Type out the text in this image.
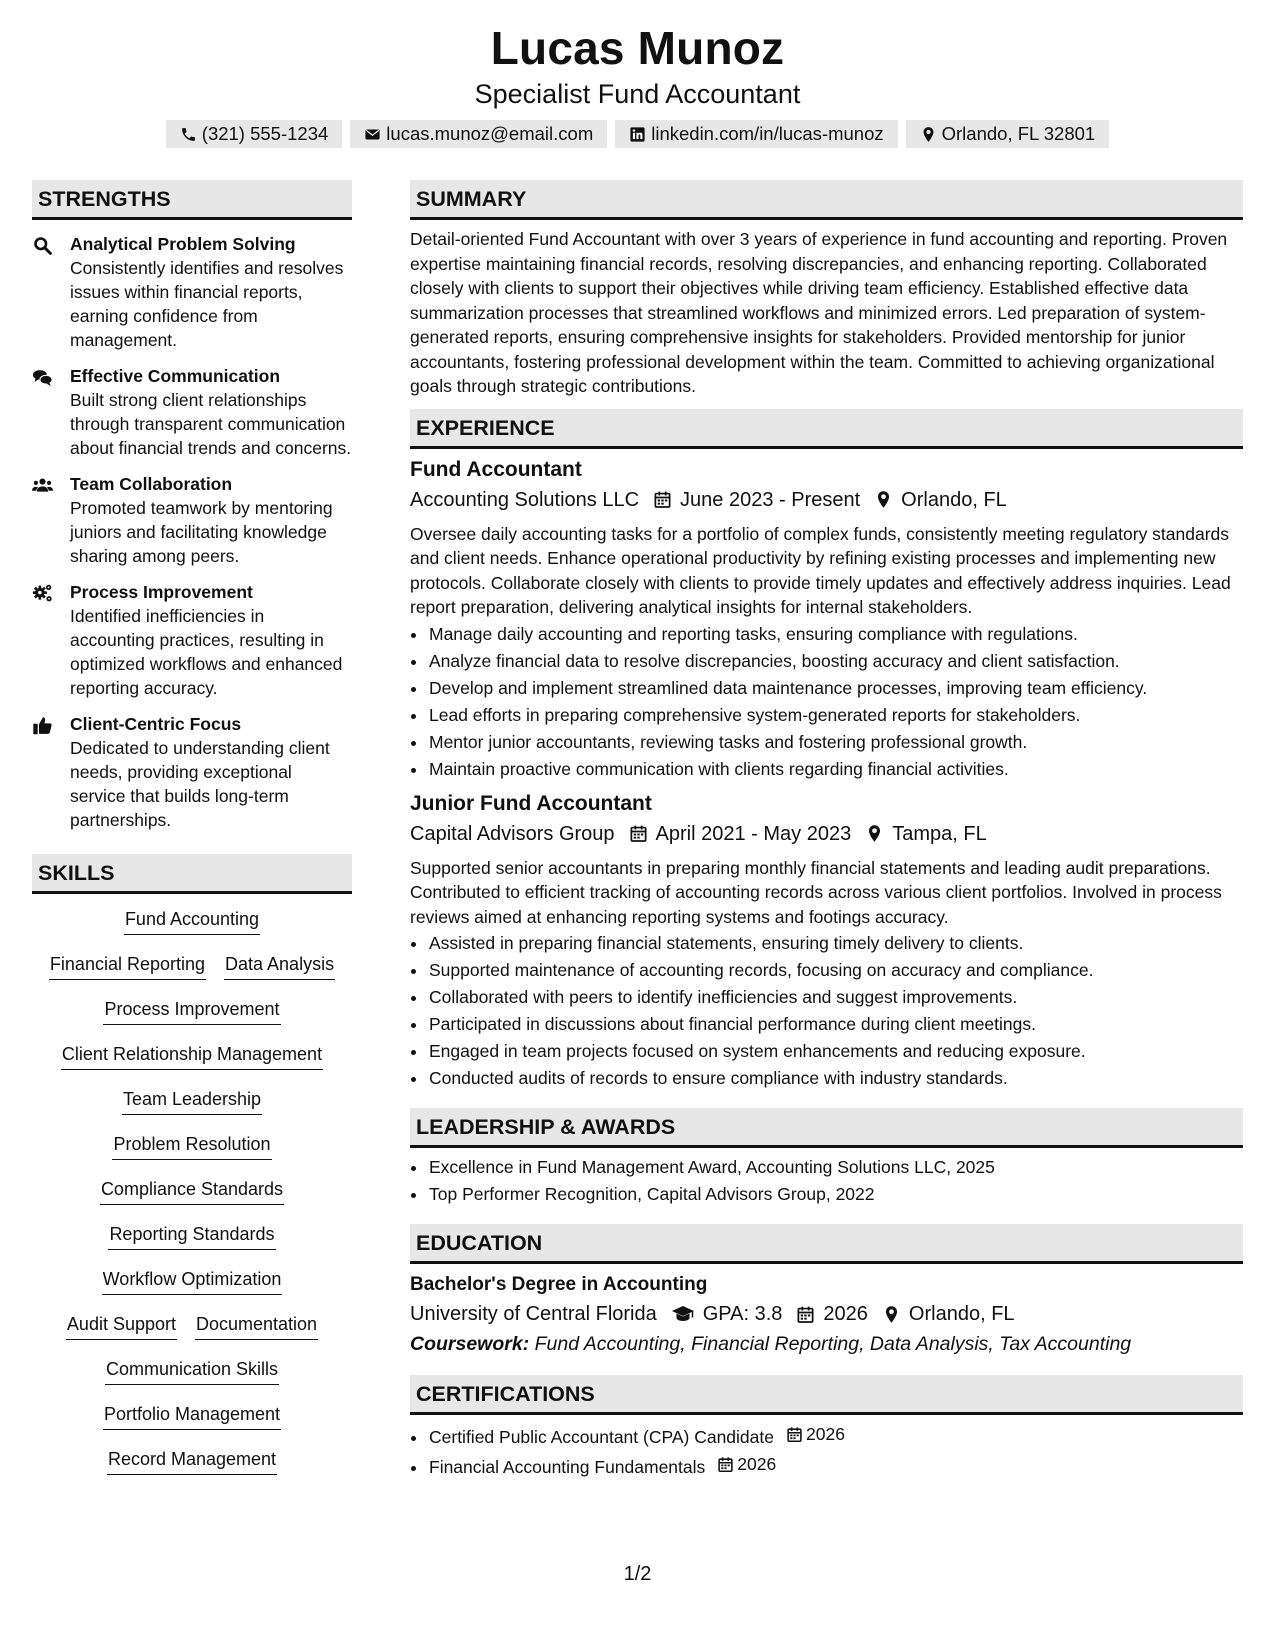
Lucas Munoz
Specialist Fund Accountant
(321) 555-1234	lucas.munoz@email.com	linkedin.com/in/lucas-munoz	Orlando, FL 32801
STRENGTHS
Analytical Problem Solving
Consistently identifies and resolves issues within financial reports, earning confidence from management.
Effective Communication
Built strong client relationships through transparent communication about financial trends and concerns.
Team Collaboration
Promoted teamwork by mentoring juniors and facilitating knowledge sharing among peers.
Process Improvement
Identified inefficiencies in accounting practices, resulting in optimized workflows and enhanced reporting accuracy.
Client-Centric Focus
Dedicated to understanding client needs, providing exceptional service that builds long-term partnerships.
SKILLS
Fund Accounting
Financial Reporting Data Analysis
Process Improvement
Client Relationship Management
Team Leadership
Problem Resolution
Compliance Standards
Reporting Standards
Workflow Optimization
Audit Support Documentation
Communication Skills
Portfolio Management
Record Management
SUMMARY
Detail-oriented Fund Accountant with over 3 years of experience in fund accounting and reporting. Proven expertise maintaining financial records, resolving discrepancies, and enhancing reporting. Collaborated closely with clients to support their objectives while driving team efficiency. Established effective data summarization processes that streamlined workflows and minimized errors. Led preparation of system-generated reports, ensuring comprehensive insights for stakeholders. Provided mentorship for junior accountants, fostering professional development within the team. Committed to achieving organizational goals through strategic contributions.
EXPERIENCE
Fund Accountant
Accounting Solutions LLC June 2023 - Present Orlando, FL
Oversee daily accounting tasks for a portfolio of complex funds, consistently meeting regulatory standards and client needs. Enhance operational productivity by refining existing processes and implementing new protocols. Collaborate closely with clients to provide timely updates and effectively address inquiries. Lead report preparation, delivering analytical insights for internal stakeholders.
• Manage daily accounting and reporting tasks, ensuring compliance with regulations.
• Analyze financial data to resolve discrepancies, boosting accuracy and client satisfaction.
• Develop and implement streamlined data maintenance processes, improving team efficiency.
• Lead efforts in preparing comprehensive system-generated reports for stakeholders.
• Mentor junior accountants, reviewing tasks and fostering professional growth.
• Maintain proactive communication with clients regarding financial activities.
Junior Fund Accountant
Capital Advisors Group April 2021 - May 2023 Tampa, FL
Supported senior accountants in preparing monthly financial statements and leading audit preparations. Contributed to efficient tracking of accounting records across various client portfolios. Involved in process reviews aimed at enhancing reporting systems and footings accuracy.
• Assisted in preparing financial statements, ensuring timely delivery to clients.
• Supported maintenance of accounting records, focusing on accuracy and compliance.
• Collaborated with peers to identify inefficiencies and suggest improvements.
• Participated in discussions about financial performance during client meetings.
• Engaged in team projects focused on system enhancements and reducing exposure.
• Conducted audits of records to ensure compliance with industry standards.
LEADERSHIP & AWARDS
• Excellence in Fund Management Award, Accounting Solutions LLC, 2025
• Top Performer Recognition, Capital Advisors Group, 2022
EDUCATION
Bachelor's Degree in Accounting
University of Central Florida GPA: 3.8 2026 Orlando, FL
Coursework: Fund Accounting, Financial Reporting, Data Analysis, Tax Accounting
CERTIFICATIONS
• Certified Public Accountant (CPA) Candidate 2026
• Financial Accounting Fundamentals 2026
1/2
